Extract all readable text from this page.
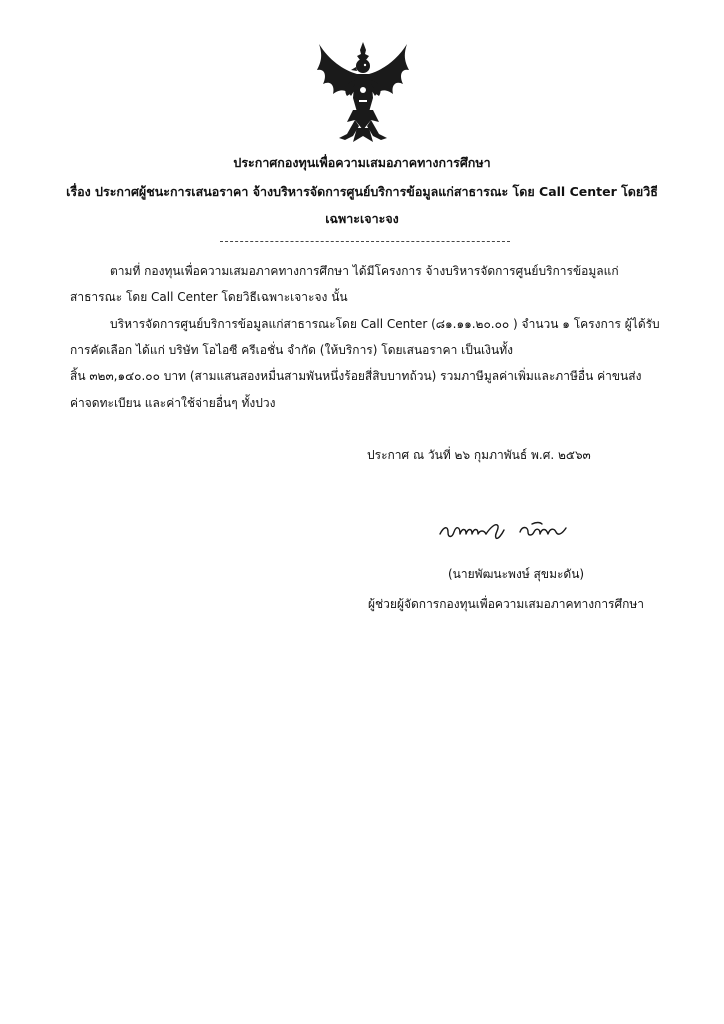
ประกาศกองทุนเพื่อความเสมอภาคทางการศึกษา
เรื่อง ประกาศผู้ชนะการเสนอราคา จ้างบริหารจัดการศูนย์บริการข้อมูลแก่สาธารณะ โดย Call Center โดยวิธี
เฉพาะเจาะจง
ตามที่ กองทุนเพื่อความเสมอภาคทางการศึกษา ได้มีโครงการ จ้างบริหารจัดการศูนย์บริการข้อมูลแก่
สาธารณะ โดย Call Center โดยวิธีเฉพาะเจาะจง นั้น
บริหารจัดการศูนย์บริการข้อมูลแก่สาธารณะโดย Call Center (๘๑.๑๑.๒๐.๐๐ ) จำนวน ๑ โครงการ ผู้ได้รับ
การคัดเลือก ได้แก่ บริษัท โอไอซี ครีเอชั่น จำกัด (ให้บริการ) โดยเสนอราคา เป็นเงินทั้ง
สิ้น ๓๒๓,๑๔๐.๐๐ บาท (สามแสนสองหมื่นสามพันหนึ่งร้อยสี่สิบบาทถ้วน) รวมภาษีมูลค่าเพิ่มและภาษีอื่น ค่าขนส่ง
ค่าจดทะเบียน และค่าใช้จ่ายอื่นๆ ทั้งปวง
ประกาศ ณ วันที่ ๒๖ กุมภาพันธ์ พ.ศ. ๒๕๖๓
(นายพัฒนะพงษ์ สุขมะดัน)
ผู้ช่วยผู้จัดการกองทุนเพื่อความเสมอภาคทางการศึกษา
